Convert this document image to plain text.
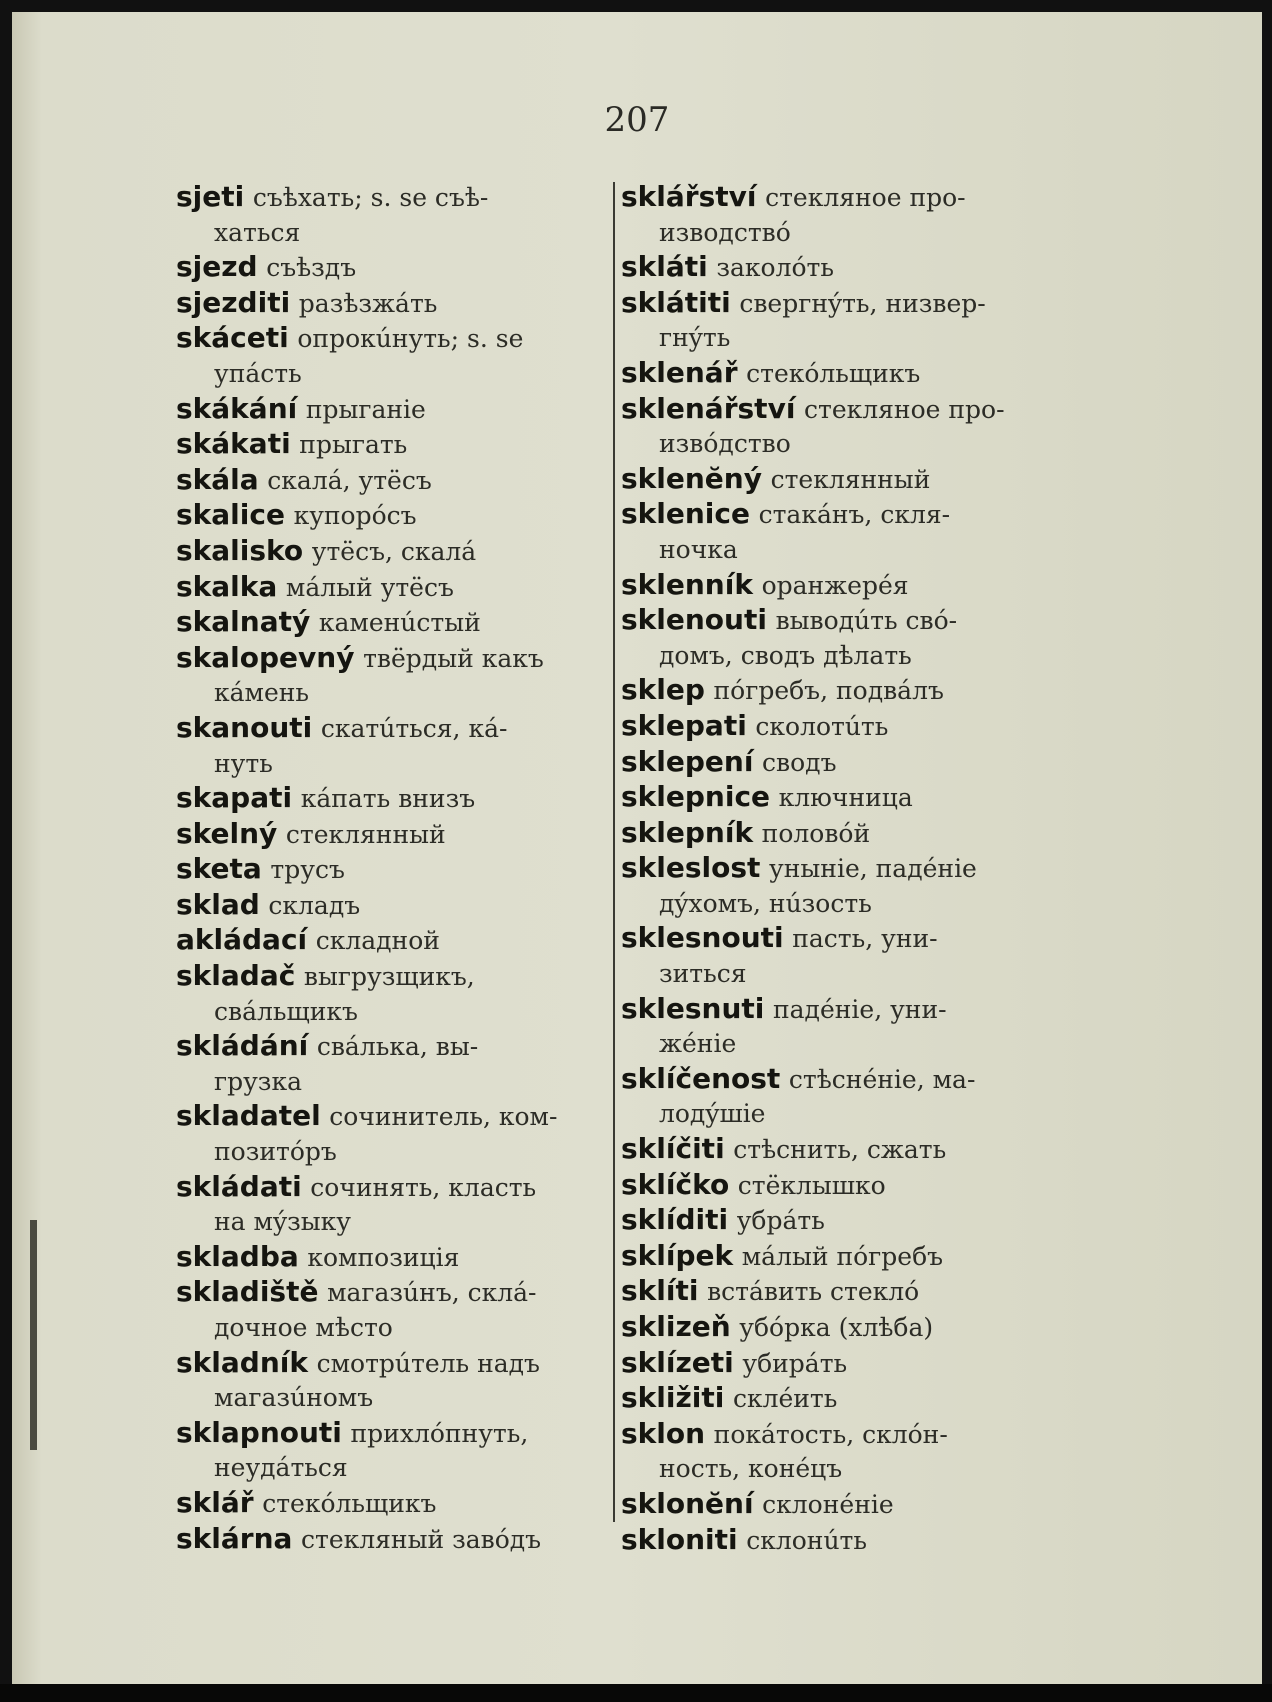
207
sjeti съѣхать; s. se съѣ-
хаться
sjezd съѣздъ
sjezditi разѣзжáть
skáceti опрокúнуть; s. se
упáсть
skákání прыганіе
skákati прыгать
skála скалá, утёсъ
skalice купорóсъ
skalisko утёсъ, скалá
skalka мáлый утёсъ
skalnatý каменúстый
skalopevný твёрдый какъ
кáмень
skanouti скатúться, кá-
нуть
skapati кáпать внизъ
skelný стеклянный
sketa трусъ
sklad складъ
akládací складной
skladač выгрузщикъ,
свáльщикъ
skládání свáлька, вы-
грузка
skladatel сочинитель, ком-
позитóръ
skládati сочинять, класть
на мýзыку
skladba композиція
skladiště магазúнъ, склá-
дочное мѣсто
skladník смотрúтель надъ
магазúномъ
sklapnouti прихлóпнуть,
неудáться
sklář стекóльщикъ
sklárna стекляный завóдъ
sklářství стекляное про-
изводствó
skláti заколóть
sklátiti свергнýть, низвер-
гнýть
sklenář стекóльщикъ
sklenářství стекляное про-
извóдство
sklenĕný стеклянный
sklenice стакáнъ, скля-
ночка
sklenník оранжерéя
sklenouti выводúть свó-
домъ, сводъ дѣлать
sklep пóгребъ, подвáлъ
sklepati сколотúть
sklepení сводъ
sklepnice ключница
sklepník половóй
skleslost уныніе, падéніе
дýхомъ, нúзость
sklesnouti пасть, уни-
зиться
sklesnuti падéніе, уни-
жéніе
sklíčenost стѣснéніе, ма-
лодýшіе
sklíčiti стѣснить, сжать
sklíčko стёклышко
sklíditi убрáть
sklípek мáлый пóгребъ
sklíti встáвить стеклó
sklizeň убóрка (хлѣба)
sklízeti убирáть
skližiti склéить
sklon покáтость, склóн-
ность, конéцъ
sklonĕní склонéніе
skloniti склонúть
